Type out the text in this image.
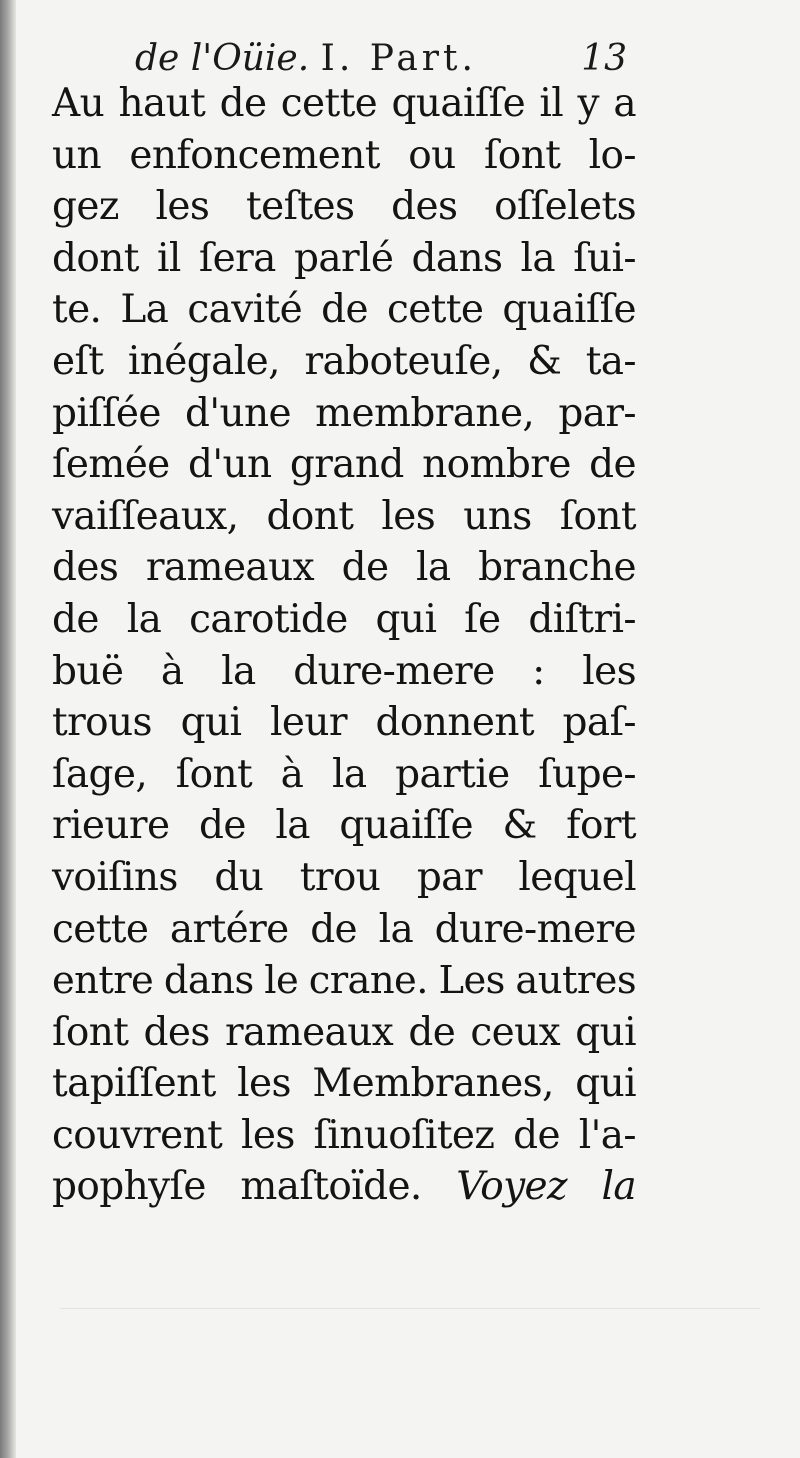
de l'Oüie. I. Part.	13
Au haut de cette quaiſſe il y a
un enfoncement ou ſont lo-
gez les teſtes des oſſelets
dont il ſera parlé dans la ſui-
te. La cavité de cette quaiſſe
eſt inégale, raboteuſe, & ta-
piſſée d'une membrane, par-
ſemée d'un grand nombre de
vaiſſeaux, dont les uns ſont
des rameaux de la branche
de la carotide qui ſe diſtri-
buë à la dure-mere : les
trous qui leur donnent paſ-
ſage, ſont à la partie ſupe-
rieure de la quaiſſe & fort
voiſins du trou par lequel
cette artére de la dure-mere
entre dans le crane. Les autres
ſont des rameaux de ceux qui
tapiſſent les Membranes, qui
couvrent les ſinuoſitez de l'a-
pophyſe maſtoïde. Voyez la
